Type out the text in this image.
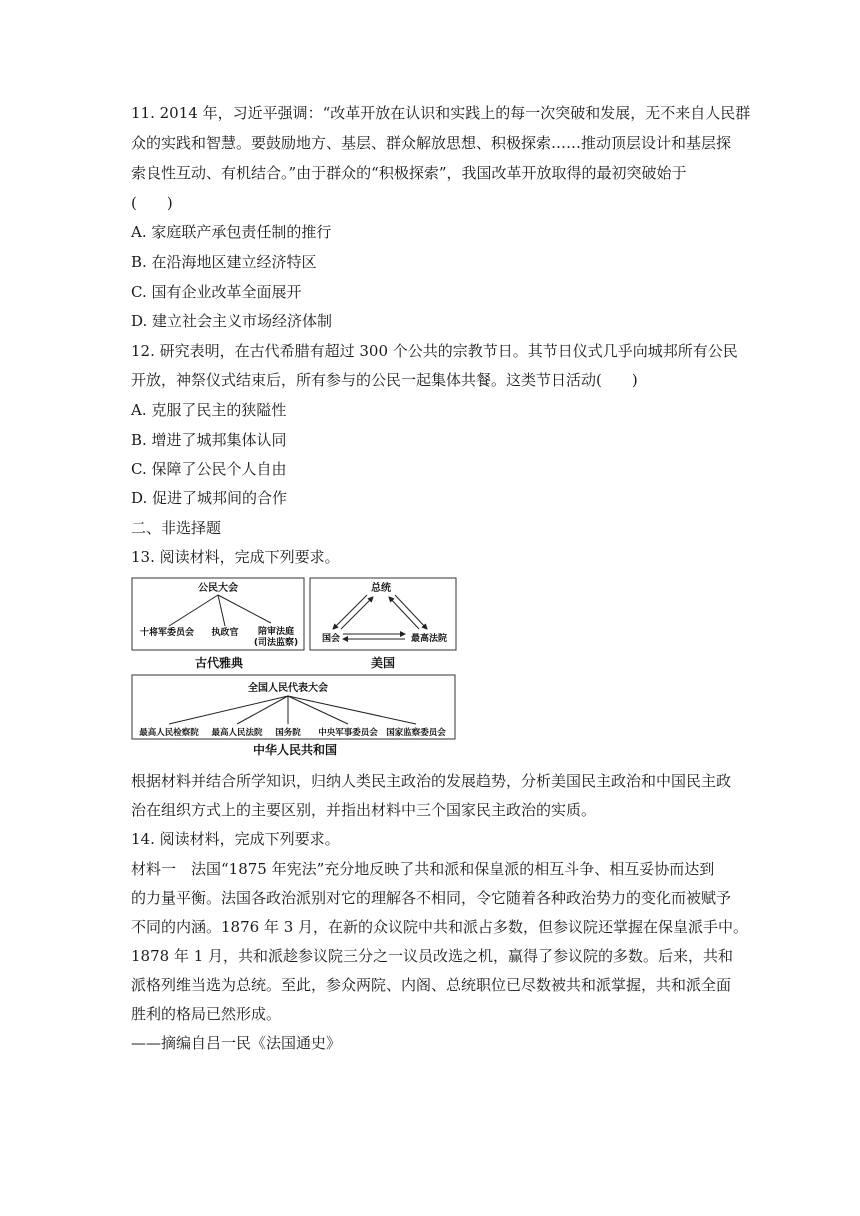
11. 2014 年，习近平强调：“改革开放在认识和实践上的每一次突破和发展，无不来自人民群
众的实践和智慧。要鼓励地方、基层、群众解放思想、积极探索……推动顶层设计和基层探
索良性互动、有机结合。”由于群众的“积极探索”，我国改革开放取得的最初突破始于
(　　)
A. 家庭联产承包责任制的推行
B. 在沿海地区建立经济特区
C. 国有企业改革全面展开
D. 建立社会主义市场经济体制
12. 研究表明，在古代希腊有超过 300 个公共的宗教节日。其节日仪式几乎向城邦所有公民
开放，神祭仪式结束后，所有参与的公民一起集体共餐。这类节日活动(　　)
A. 克服了民主的狭隘性
B. 增进了城邦集体认同
C. 保障了公民个人自由
D. 促进了城邦间的合作
二、非选择题
13. 阅读材料，完成下列要求。
公民大会
十将军委员会 执政官 陪审法庭
(司法监察)
古代雅典
总统
国会	最高法院
美国
全国人民代表大会
最高人民检察院 最高人民法院 国务院 中央军事委员会 国家监察委员会
中华人民共和国
根据材料并结合所学知识，归纳人类民主政治的发展趋势，分析美国民主政治和中国民主政
治在组织方式上的主要区别，并指出材料中三个国家民主政治的实质。
14. 阅读材料，完成下列要求。
材料一　法国“1875 年宪法”充分地反映了共和派和保皇派的相互斗争、相互妥协而达到
的力量平衡。法国各政治派别对它的理解各不相同，令它随着各种政治势力的变化而被赋予
不同的内涵。1876 年 3 月，在新的众议院中共和派占多数，但参议院还掌握在保皇派手中。
1878 年 1 月，共和派趁参议院三分之一议员改选之机，赢得了参议院的多数。后来，共和
派格列维当选为总统。至此，参众两院、内阁、总统职位已尽数被共和派掌握，共和派全面
胜利的格局已然形成。
——摘编自吕一民《法国通史》
